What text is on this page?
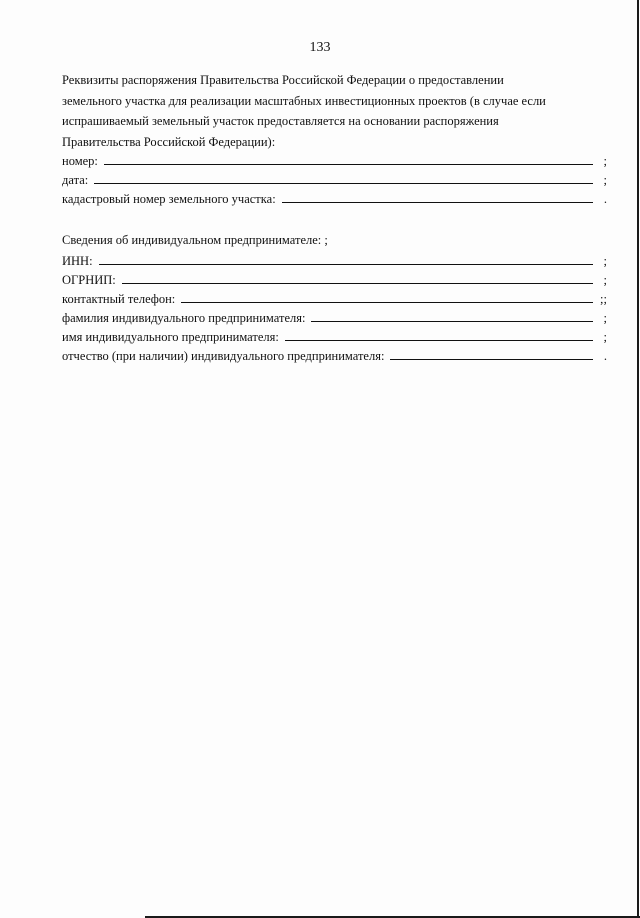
133

Реквизиты распоряжения Правительства Российской Федерации о предоставлении

земельного участка для реализации масштабных инвестиционных проектов (в случае если

испрашиваемый земельный участок предоставляется на основании распоряжения

Правительства Российской Федерации):

номер:	;
дата:	;
кадастровый номер земельного участка:	.
Сведения об индивидуальном предпринимателе: ;
ИНН:	;
ОГРНИП:	;
контактный телефон:	;;
фамилия индивидуального предпринимателя:	;
имя индивидуального предпринимателя:	;
отчество (при наличии) индивидуального предпринимателя:	.
